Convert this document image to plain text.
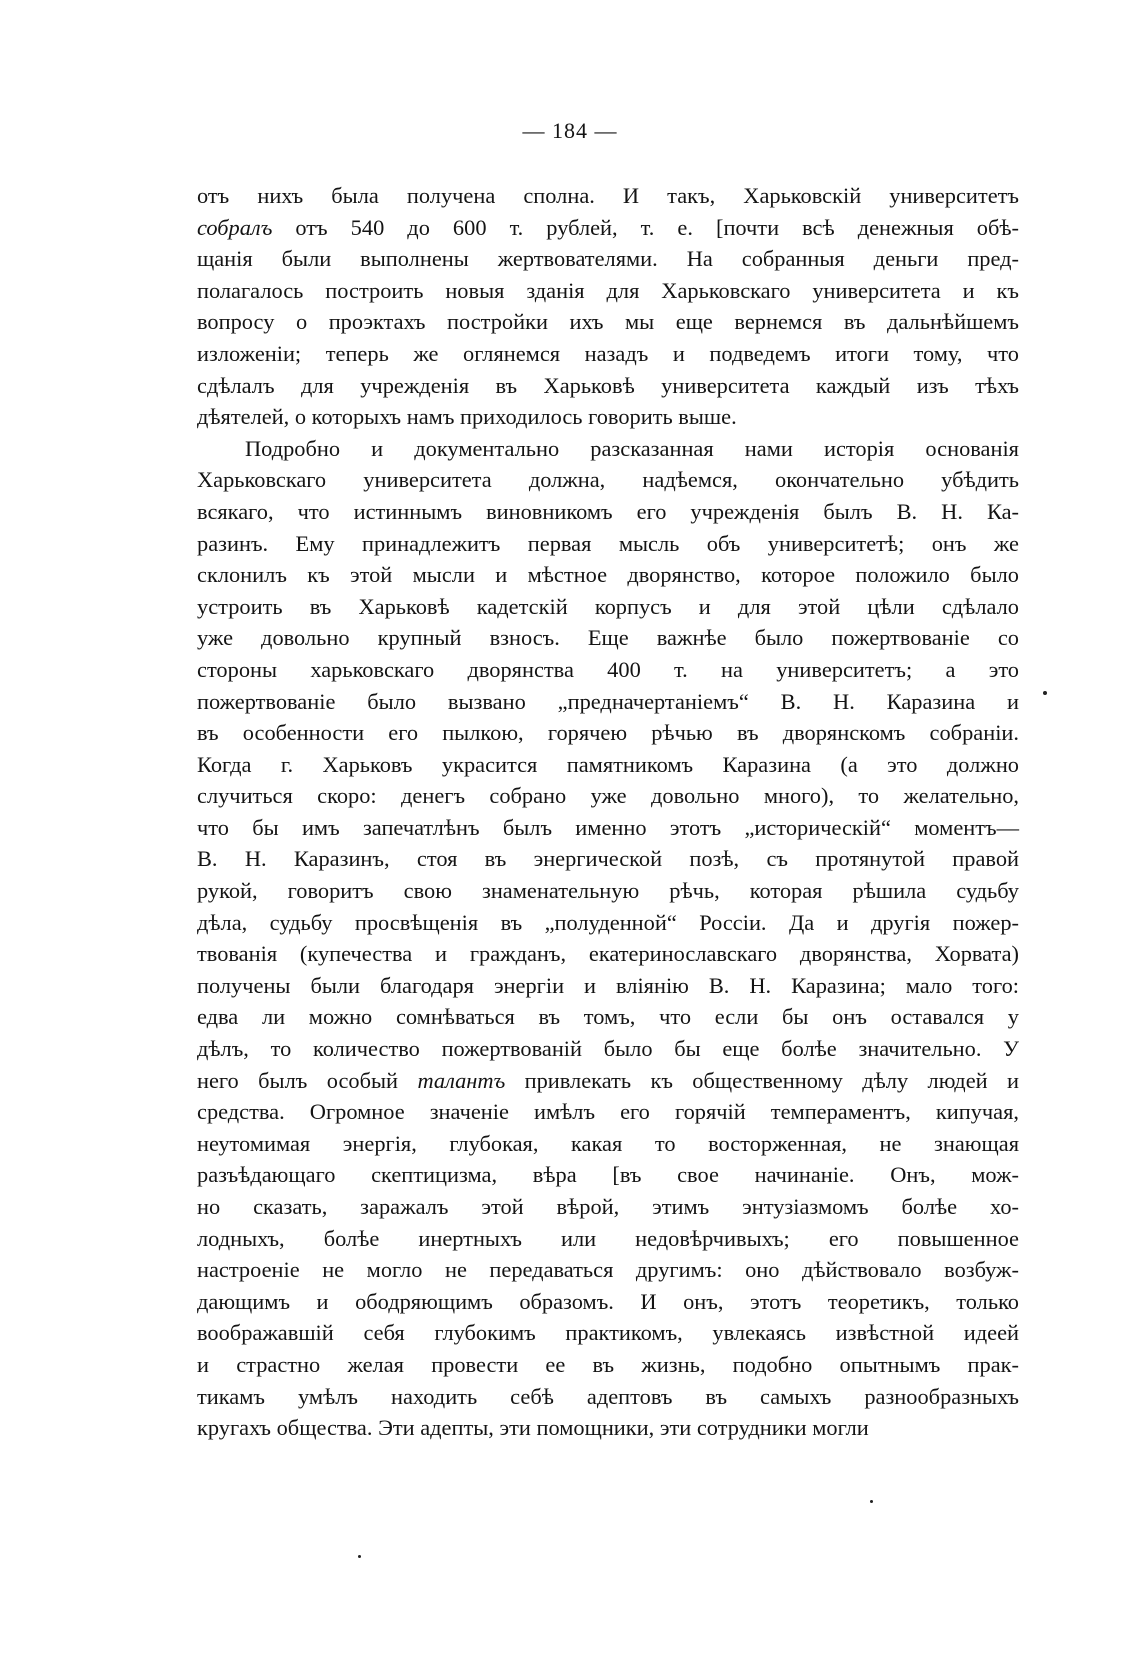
— 184 —
отъ нихъ была получена сполна. И такъ, Харьковскій университетъ
собралъ отъ 540 до 600 т. рублей, т. е. [почти всѣ денежныя обѣ-
щанія были выполнены жертвователями. На собранныя деньги пред-
полагалось построить новыя зданія для Харьковскаго университета и къ
вопросу о проэктахъ постройки ихъ мы еще вернемся въ дальнѣйшемъ
изложеніи; теперь же оглянемся назадъ и подведемъ итоги тому, что
сдѣлалъ для учрежденія въ Харьковѣ университета каждый изъ тѣхъ
дѣятелей, о которыхъ намъ приходилось говорить выше.
Подробно и документально разсказанная нами исторія основанія
Харьковскаго университета должна, надѣемся, окончательно убѣдить
всякаго, что истиннымъ виновникомъ его учрежденія былъ В. Н. Ка-
разинъ. Ему принадлежитъ первая мысль объ университетѣ; онъ же
склонилъ къ этой мысли и мѣстное дворянство, которое положило было
устроить въ Харьковѣ кадетскій корпусъ и для этой цѣли сдѣлало
уже довольно крупный взносъ. Еще важнѣе было пожертвованіе со
стороны харьковскаго дворянства 400 т. на университетъ; а это
пожертвованіе было вызвано „предначертаніемъ“ В. Н. Каразина и
въ особенности его пылкою, горячею рѣчью въ дворянскомъ собраніи.
Когда г. Харьковъ украсится памятникомъ Каразина (а это должно
случиться скоро: денегъ собрано уже довольно много), то желательно,
что бы имъ запечатлѣнъ былъ именно этотъ „историческій“ моментъ—
В. Н. Каразинъ, стоя въ энергической позѣ, съ протянутой правой
рукой, говоритъ свою знаменательную рѣчь, которая рѣшила судьбу
дѣла, судьбу просвѣщенія въ „полуденной“ Россіи. Да и другія пожер-
твованія (купечества и гражданъ, екатеринославскаго дворянства, Хорвата)
получены были благодаря энергіи и вліянію В. Н. Каразина; мало того:
едва ли можно сомнѣваться въ томъ, что если бы онъ оставался у
дѣлъ, то количество пожертвованій было бы еще болѣе значительно. У
него былъ особый талантъ привлекать къ общественному дѣлу людей и
средства. Огромное значеніе имѣлъ его горячій темпераментъ, кипучая,
неутомимая энергія, глубокая, какая то восторженная, не знающая
разъѣдающаго скептицизма, вѣра [въ свое начинаніе. Онъ, мож-
но сказать, заражалъ этой вѣрой, этимъ энтузіазмомъ болѣе хо-
лодныхъ, болѣе инертныхъ или недовѣрчивыхъ; его повышенное
настроеніе не могло не передаваться другимъ: оно дѣйствовало возбуж-
дающимъ и ободряющимъ образомъ. И онъ, этотъ теоретикъ, только
воображавшій себя глубокимъ практикомъ, увлекаясь извѣстной идеей
и страстно желая провести ее въ жизнь, подобно опытнымъ прак-
тикамъ умѣлъ находить себѣ адептовъ въ самыхъ разнообразныхъ
кругахъ общества. Эти адепты, эти помощники, эти сотрудники могли
